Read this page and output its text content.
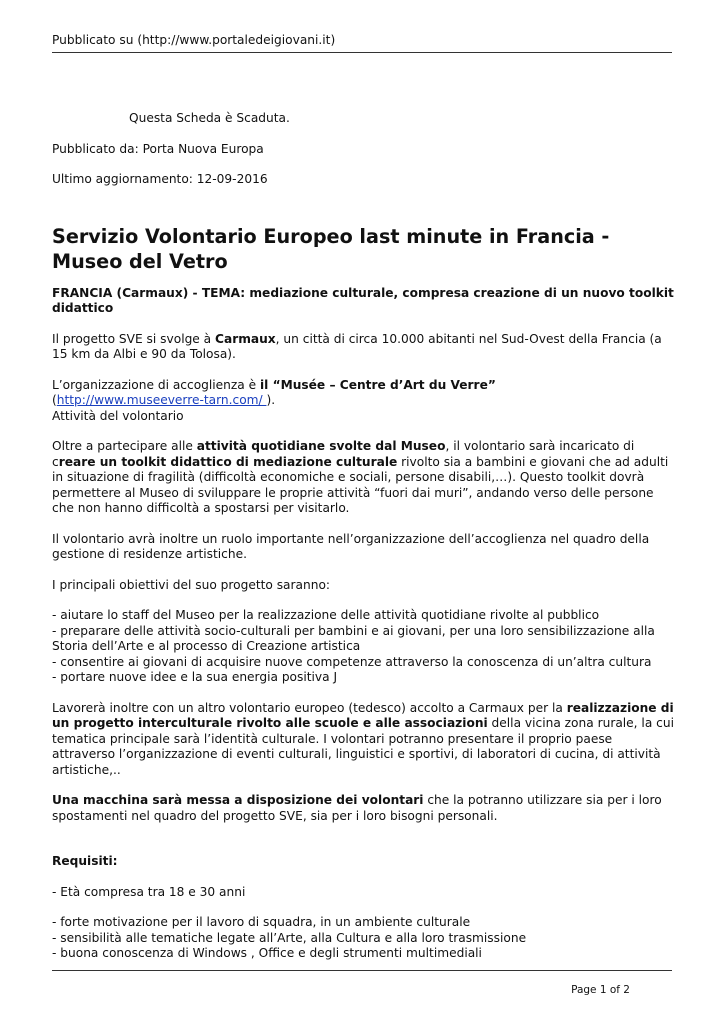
Pubblicato su (http://www.portaledeigiovani.it)

Questa Scheda è Scaduta.

Pubblicato da: Porta Nuova Europa

Ultimo aggiornamento: 12-09-2016

Servizio Volontario Europeo last minute in Francia - Museo del Vetro

FRANCIA (Carmaux) - TEMA: mediazione culturale, compresa creazione di un nuovo toolkit didattico

Il progetto SVE si svolge à Carmaux, un città di circa 10.000 abitanti nel Sud-Ovest della Francia (a 15 km da Albi e 90 da Tolosa).

L’organizzazione di accoglienza è il “Musée – Centre d’Art du Verre”
(http://www.museeverre-tarn.com/ ).
Attività del volontario

Oltre a partecipare alle attività quotidiane svolte dal Museo, il volontario sarà incaricato di creare un toolkit didattico di mediazione culturale rivolto sia a bambini e giovani che ad adulti in situazione di fragilità (difficoltà economiche e sociali, persone disabili,…). Questo toolkit dovrà permettere al Museo di sviluppare le proprie attività “fuori dai muri”, andando verso delle persone che non hanno difficoltà a spostarsi per visitarlo.

Il volontario avrà inoltre un ruolo importante nell’organizzazione dell’accoglienza nel quadro della gestione di residenze artistiche.

I principali obiettivi del suo progetto saranno:

- aiutare lo staff del Museo per la realizzazione delle attività quotidiane rivolte al pubblico

- preparare delle attività socio-culturali per bambini e ai giovani, per una loro sensibilizzazione alla Storia dell’Arte e al processo di Creazione artistica

- consentire ai giovani di acquisire nuove competenze attraverso la conoscenza di un’altra cultura

- portare nuove idee e la sua energia positiva J

Lavorerà inoltre con un altro volontario europeo (tedesco) accolto a Carmaux per la realizzazione di un progetto interculturale rivolto alle scuole e alle associazioni della vicina zona rurale, la cui tematica principale sarà l’identità culturale. I volontari potranno presentare il proprio paese attraverso l’organizzazione di eventi culturali, linguistici e sportivi, di laboratori di cucina, di attività artistiche,..

Una macchina sarà messa a disposizione dei volontari che la potranno utilizzare sia per i loro spostamenti nel quadro del progetto SVE, sia per i loro bisogni personali.

Requisiti:

- Età compresa tra 18 e 30 anni

- forte motivazione per il lavoro di squadra, in un ambiente culturale

- sensibilità alle tematiche legate all’Arte, alla Cultura e alla loro trasmissione

- buona conoscenza di Windows , Office e degli strumenti multimediali

Page 1 of 2
